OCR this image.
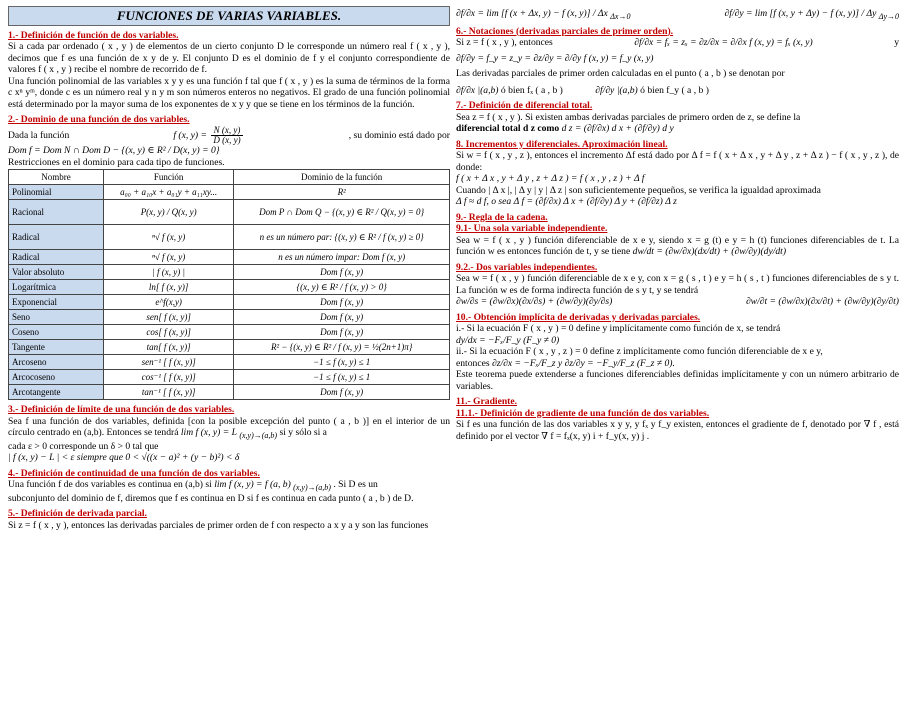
FUNCIONES DE VARIAS VARIABLES.
1.- Definición de función de dos variables.
Si a cada par ordenado ( x , y ) de elementos de un cierto conjunto D le corresponde un número real f ( x , y ), decimos que f es una función de x y de y. El conjunto D es el dominio de f y el conjunto correspondiente de valores f ( x , y ) recibe el nombre de recorrido de f.
Una función polinomial de las variables x y y es una función f tal que f ( x , y ) es la suma de términos de la forma c xⁿ yᵐ, donde c es un número real y n y m son números enteros no negativos. El grado de una función polinomial está determinado por la mayor suma de los exponentes de x y y que se tiene en los términos de la función.
2.- Dominio de una función de dos variables.
Dada la función	f (x, $y) = \frac{N (x, y)}{D (x, y)}$	, su dominio está dado por
Dom f = Dom N ∩ Dom D − {(x, y) ∈ R² / D(x, y) = 0}
Restricciones en el dominio para cada tipo de funciones.
Nombre	Función	Dominio de la función
Polinomial	a₀₀ + a₁₀x + a₀₁y + a₁₁xy...	R²
Racional	P(x, y) / Q(x, y)	Dom P ∩ Dom Q − {(x, y) ∈ R² / Q(x, y) = 0}
Radical	ⁿ√ f (x, y)	n es un número par: {(x, y) ∈ R² / f (x, y) ≥ 0}
Radical	ⁿ√ f (x, y)	n es un número impar: Dom f (x, y)
Valor absoluto	| f (x, y) |	Dom f (x, y)
Logarítmica	ln[ f (x, y)]	{(x, y) ∈ R² / f (x, y) > 0}
Exponencial	e^f(x,y)	Dom f (x, y)
Seno	sen[ f (x, y)]	Dom f (x, y)
Coseno	cos[ f (x, y)]	Dom f (x, y)
Tangente	tan[ f (x, y)]	R² − {(x, y) ∈ R² / f (x, y) = ½(2n+1)π}
Arcoseno	sen⁻¹ [ f (x, y)]	−1 ≤ f (x, y) ≤ 1
Arcocoseno	cos⁻¹ [ f (x, y)]	−1 ≤ f (x, y) ≤ 1
Arcotangente	tan⁻¹ [ f (x, y)]	Dom f (x, y)
3.- Definición de límite de una función de dos variables.
Sea f una función de dos variables, definida [con la posible excepción del punto ( a , b )] en el interior de un círculo centrado en (a,b). Entonces se tendrá lim f (x, y) = L $_{(x,y)\to(a,b)}$ si y sólo si a
cada ε > 0 corresponde un δ > 0 tal que
| f (x, y) − L | < ε siempre que 0 < √((x − a)² + (y − b)²) < δ
4.- Definición de continuidad de una función de dos variables.
Una función f de dos variables es continua en (a,b) si lim f (x, y) = f (a, b) $_{(x,y)\to(a,b)}$ . Si D es un
subconjunto del dominio de f, diremos que f es continua en D si f es continua en cada punto ( a , b ) de D.
5.- Definición de derivada parcial.
Si z = f ( x , y ), entonces las derivadas parciales de primer orden de f con respecto a x y a y son las funciones
∂f/∂x = lim [f (x + Δx, y) − f (x, y)] / Δx $_{\Delta x\to 0}$	∂f/∂y = lim [f (x, y + Δy) − f (x, y)] / Δy $_{\Delta y\to 0}$
6.- Notaciones (derivadas parciales de primer orden).
Si z = f ( x , y ), entonces	∂f/∂x = fₓ = zₓ = ∂z/∂x = ∂/∂x f (x, y) = fₓ (x, y)	y
∂f/∂y = f_y = z_y = ∂z/∂y = ∂/∂y f (x, y) = f_y (x, y)
Las derivadas parciales de primer orden calculadas en el punto ( a , b ) se denotan por
∂f/∂x |(a,b) ó bien fₓ ( a , b )	∂f/∂y |(a,b) ó bien f_y ( a , b )
7.- Definición de diferencial total.
Sea z = f ( x , y ). Si existen ambas derivadas parciales de primero orden de z, se define la
diferencial total d z como d z = (∂f/∂x) d x + (∂f/∂y) d y
8. Incrementos y diferenciales. Aproximación lineal.
Si w = f ( x , y , z ), entonces el incremento Δf está dado por Δ f = f ( x + Δ x , y + Δ y , z + Δ z ) − f ( x , y , z ), de donde:
f ( x + Δ x , y + Δ y , z + Δ z ) = f ( x , y , z ) + Δ f
Cuando | Δ x |, | Δ y | y | Δ z | son suficientemente pequeños, se verifica la igualdad aproximada
Δ f ≈ d f, o sea Δ f = (∂f/∂x) Δ x + (∂f/∂y) Δ y + (∂f/∂z) Δ z
9.- Regla de la cadena.
9.1- Una sola variable independiente.
Sea w = f ( x , y ) función diferenciable de x e y, siendo x = g (t) e y = h (t) funciones diferenciables de t. La función w es entonces función de t, y se tiene dw/dt = (∂w/∂x)(dx/dt) + (∂w/∂y)(dy/dt)
9.2.- Dos variables independientes.
Sea w = f ( x , y ) función diferenciable de x e y, con x = g ( s , t ) e y = h ( s , t ) funciones diferenciables de s y t. La función w es de forma indirecta función de s y t, y se tendrá
∂w/∂s = (∂w/∂x)(∂x/∂s) + (∂w/∂y)(∂y/∂s)	∂w/∂t = (∂w/∂x)(∂x/∂t) + (∂w/∂y)(∂y/∂t)
10.- Obtención implícita de derivadas y derivadas parciales.
i.- Si la ecuación F ( x , y ) = 0 define y implícitamente como función de x, se tendrá
dy/dx = −Fₓ/F_y (F_y ≠ 0)
ii.- Si la ecuación F ( x , y , z ) = 0 define z implícitamente como función diferenciable de x e y,
entonces ∂z/∂x = −Fₓ/F_z y ∂z/∂y = −F_y/F_z (F_z ≠ 0).
Este teorema puede extenderse a funciones diferenciables definidas implícitamente y con un número arbitrario de variables.
11.- Gradiente.
11.1.- Definición de gradiente de una función de dos variables.
Si f es una función de las dos variables x y y, y fₓ y f_y existen, entonces el gradiente de f, denotado por ∇ f , está definido por el vector ∇ f = fₓ(x, y) i + f_y(x, y) j .
